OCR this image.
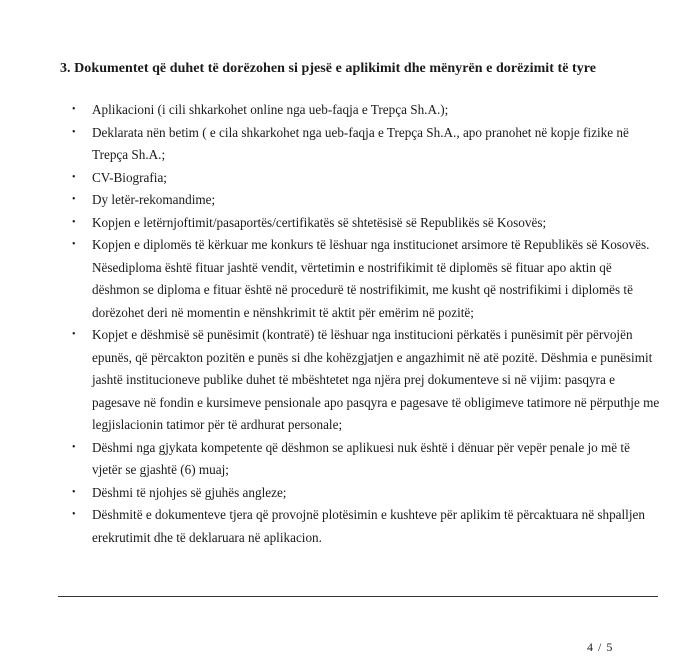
3. Dokumentet që duhet të dorëzohen si pjesë e aplikimit dhe mënyrën e dorëzimit të tyre
• Aplikacioni (i cili shkarkohet online nga ueb-faqja e Trepça Sh.A.);
• Deklarata nën betim ( e cila shkarkohet nga ueb-faqja e Trepça Sh.A., apo pranohet në kopje fizike në Trepça Sh.A.;
• CV-Biografia;
• Dy letër-rekomandime;
• Kopjen e letërnjoftimit/pasaportës/certifikatës së shtetësisë së Republikës së Kosovës;
• Kopjen e diplomës të kërkuar me konkurs të lëshuar nga institucionet arsimore të Republikës së Kosovës. Nësediploma është fituar jashtë vendit, vërtetimin e nostrifikimit të diplomës së fituar apo aktin që dëshmon se diploma e fituar është në procedurë të nostrifikimit, me kusht që nostrifikimi i diplomës të dorëzohet deri në momentin e nënshkrimit të aktit për emërim në pozitë;
• Kopjet e dëshmisë së punësimit (kontratë) të lëshuar nga institucioni përkatës i punësimit për përvojën epunës, që përcakton pozitën e punës si dhe kohëzgjatjen e angazhimit në atë pozitë. Dëshmia e punësimit jashtë institucioneve publike duhet të mbështetet nga njëra prej dokumenteve si në vijim: pasqyra e pagesave në fondin e kursimeve pensionale apo pasqyra e pagesave të obligimeve tatimore në përputhje me legjislacionin tatimor për të ardhurat personale;
• Dëshmi nga gjykata kompetente që dëshmon se aplikuesi nuk është i dënuar për vepër penale jo më të vjetër se gjashtë (6) muaj;
• Dëshmi të njohjes së gjuhës angleze;
• Dëshmitë e dokumenteve tjera që provojnë plotësimin e kushteve për aplikim të përcaktuara në shpalljen erekrutimit dhe të deklaruara në aplikacion.
4 / 5
